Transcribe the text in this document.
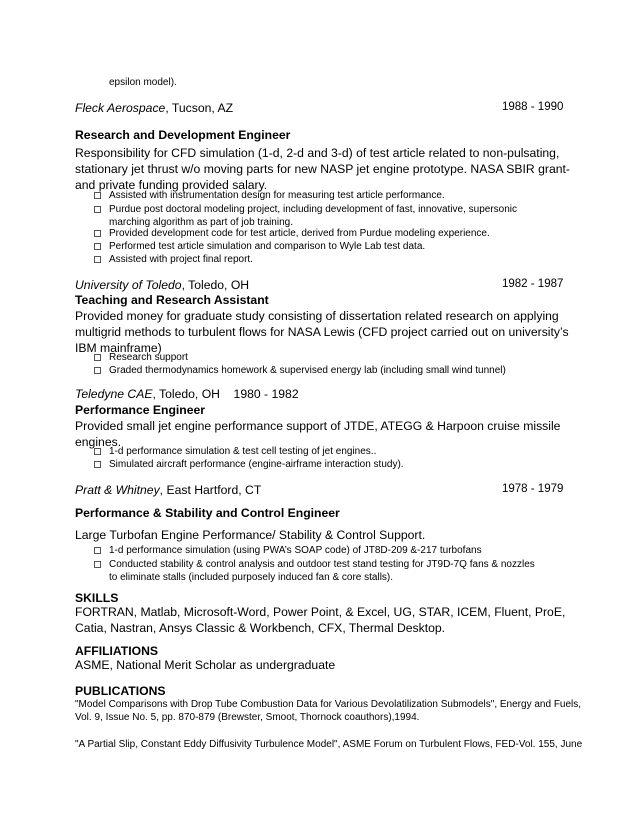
epsilon model).
Fleck Aerospace, Tucson, AZ	1988 - 1990
Research and Development Engineer
Responsibility for CFD simulation (1-d, 2-d and 3-d) of test article related to non-pulsating,
stationary jet thrust w/o moving parts for new NASP jet engine prototype. NASA SBIR grant-
and private funding provided salary.
Assisted with instrumentation design for measuring test article performance.
Purdue post doctoral modeling project, including development of fast, innovative, supersonic
marching algorithm as part of job training.
Provided development code for test article, derived from Purdue modeling experience.
Performed test article simulation and comparison to Wyle Lab test data.
Assisted with project final report.
University of Toledo, Toledo, OH	1982 - 1987
Teaching and Research Assistant
Provided money for graduate study consisting of dissertation related research on applying
multigrid methods to turbulent flows for NASA Lewis (CFD project carried out on university’s
IBM mainframe)
Research support
Graded thermodynamics homework & supervised energy lab (including small wind tunnel)
Teledyne CAE, Toledo, OH 1980 - 1982
Performance Engineer
Provided small jet engine performance support of JTDE, ATEGG & Harpoon cruise missile
engines.
1-d performance simulation & test cell testing of jet engines..
Simulated aircraft performance (engine-airframe interaction study).
Pratt & Whitney, East Hartford, CT	1978 - 1979
Performance & Stability and Control Engineer
Large Turbofan Engine Performance/ Stability & Control Support.
1-d performance simulation (using PWA’s SOAP code) of JT8D-209 &-217 turbofans
Conducted stability & control analysis and outdoor test stand testing for JT9D-7Q fans & nozzles
to eliminate stalls (included purposely induced fan & core stalls).
SKILLS
FORTRAN, Matlab, Microsoft-Word, Power Point, & Excel, UG, STAR, ICEM, Fluent, ProE,
Catia, Nastran, Ansys Classic & Workbench, CFX, Thermal Desktop.
AFFILIATIONS
ASME, National Merit Scholar as undergraduate
PUBLICATIONS
"Model Comparisons with Drop Tube Combustion Data for Various Devolatilization Submodels", Energy and Fuels,
Vol. 9, Issue No. 5, pp. 870-879 (Brewster, Smoot, Thornock coauthors),1994.
"A Partial Slip, Constant Eddy Diffusivity Turbulence Model", ASME Forum on Turbulent Flows, FED-Vol. 155, June
